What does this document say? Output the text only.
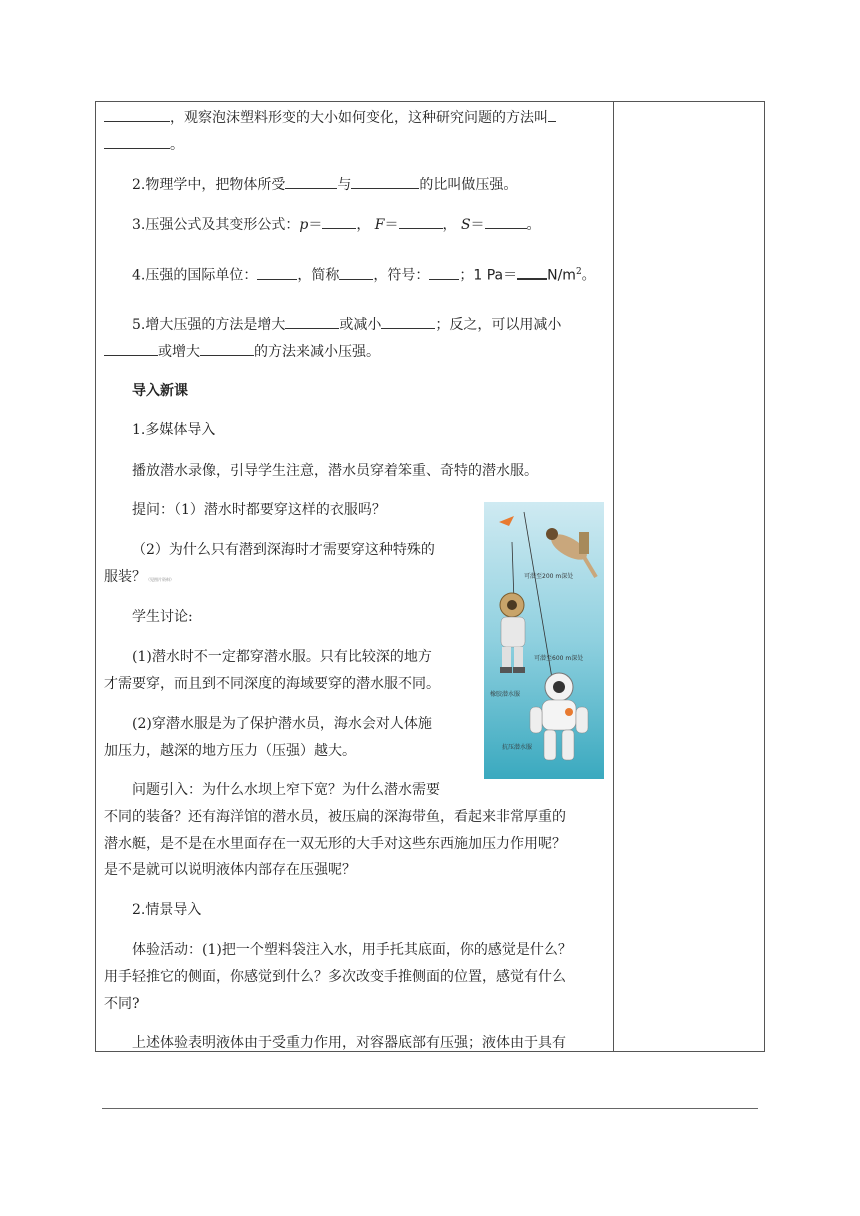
，观察泡沫塑料形变的大小如何变化，这种研究问题的方法叫
。
2.物理学中，把物体所受	与	的比叫做压强。
3.压强公式及其变形公式：p＝ ， F＝	， S＝	。
4.压强的国际单位：	，简称 ，符号： ；1 $Pa= N/m^2$。
5.增大压强的方法是增大	或减小	；反之，可以用减小
或增大	的方法来减小压强。
导入新课
1.多媒体导入
播放潜水录像，引导学生注意，潜水员穿着笨重、奇特的潜水服。
提问：（1）潜水时都要穿这样的衣服吗？
（2）为什么只有潜到深海时才需要穿这种特殊的
服装？（见图片资料）
学生讨论:
(1)潜水时不一定都穿潜水服。只有比较深的地方
才需要穿，而且到不同深度的海域要穿的潜水服不同。
(2)穿潜水服是为了保护潜水员，海水会对人体施
加压力，越深的地方压力（压强）越大。
问题引入：为什么水坝上窄下宽？为什么潜水需要
不同的装备？还有海洋馆的潜水员，被压扁的深海带鱼，看起来非常厚重的
潜水艇，是不是在水里面存在一双无形的大手对这些东西施加压力作用呢？
是不是就可以说明液体内部存在压强呢？
2.情景导入
体验活动：(1)把一个塑料袋注入水，用手托其底面，你的感觉是什么？
用手轻推它的侧面，你感觉到什么？多次改变手推侧面的位置，感觉有什么
不同?
上述体验表明液体由于受重力作用，对容器底部有压强；液体由于具有
可潜至200 m深处
可潜至600 m深处
橡胶潜水服
抗压潜水服
